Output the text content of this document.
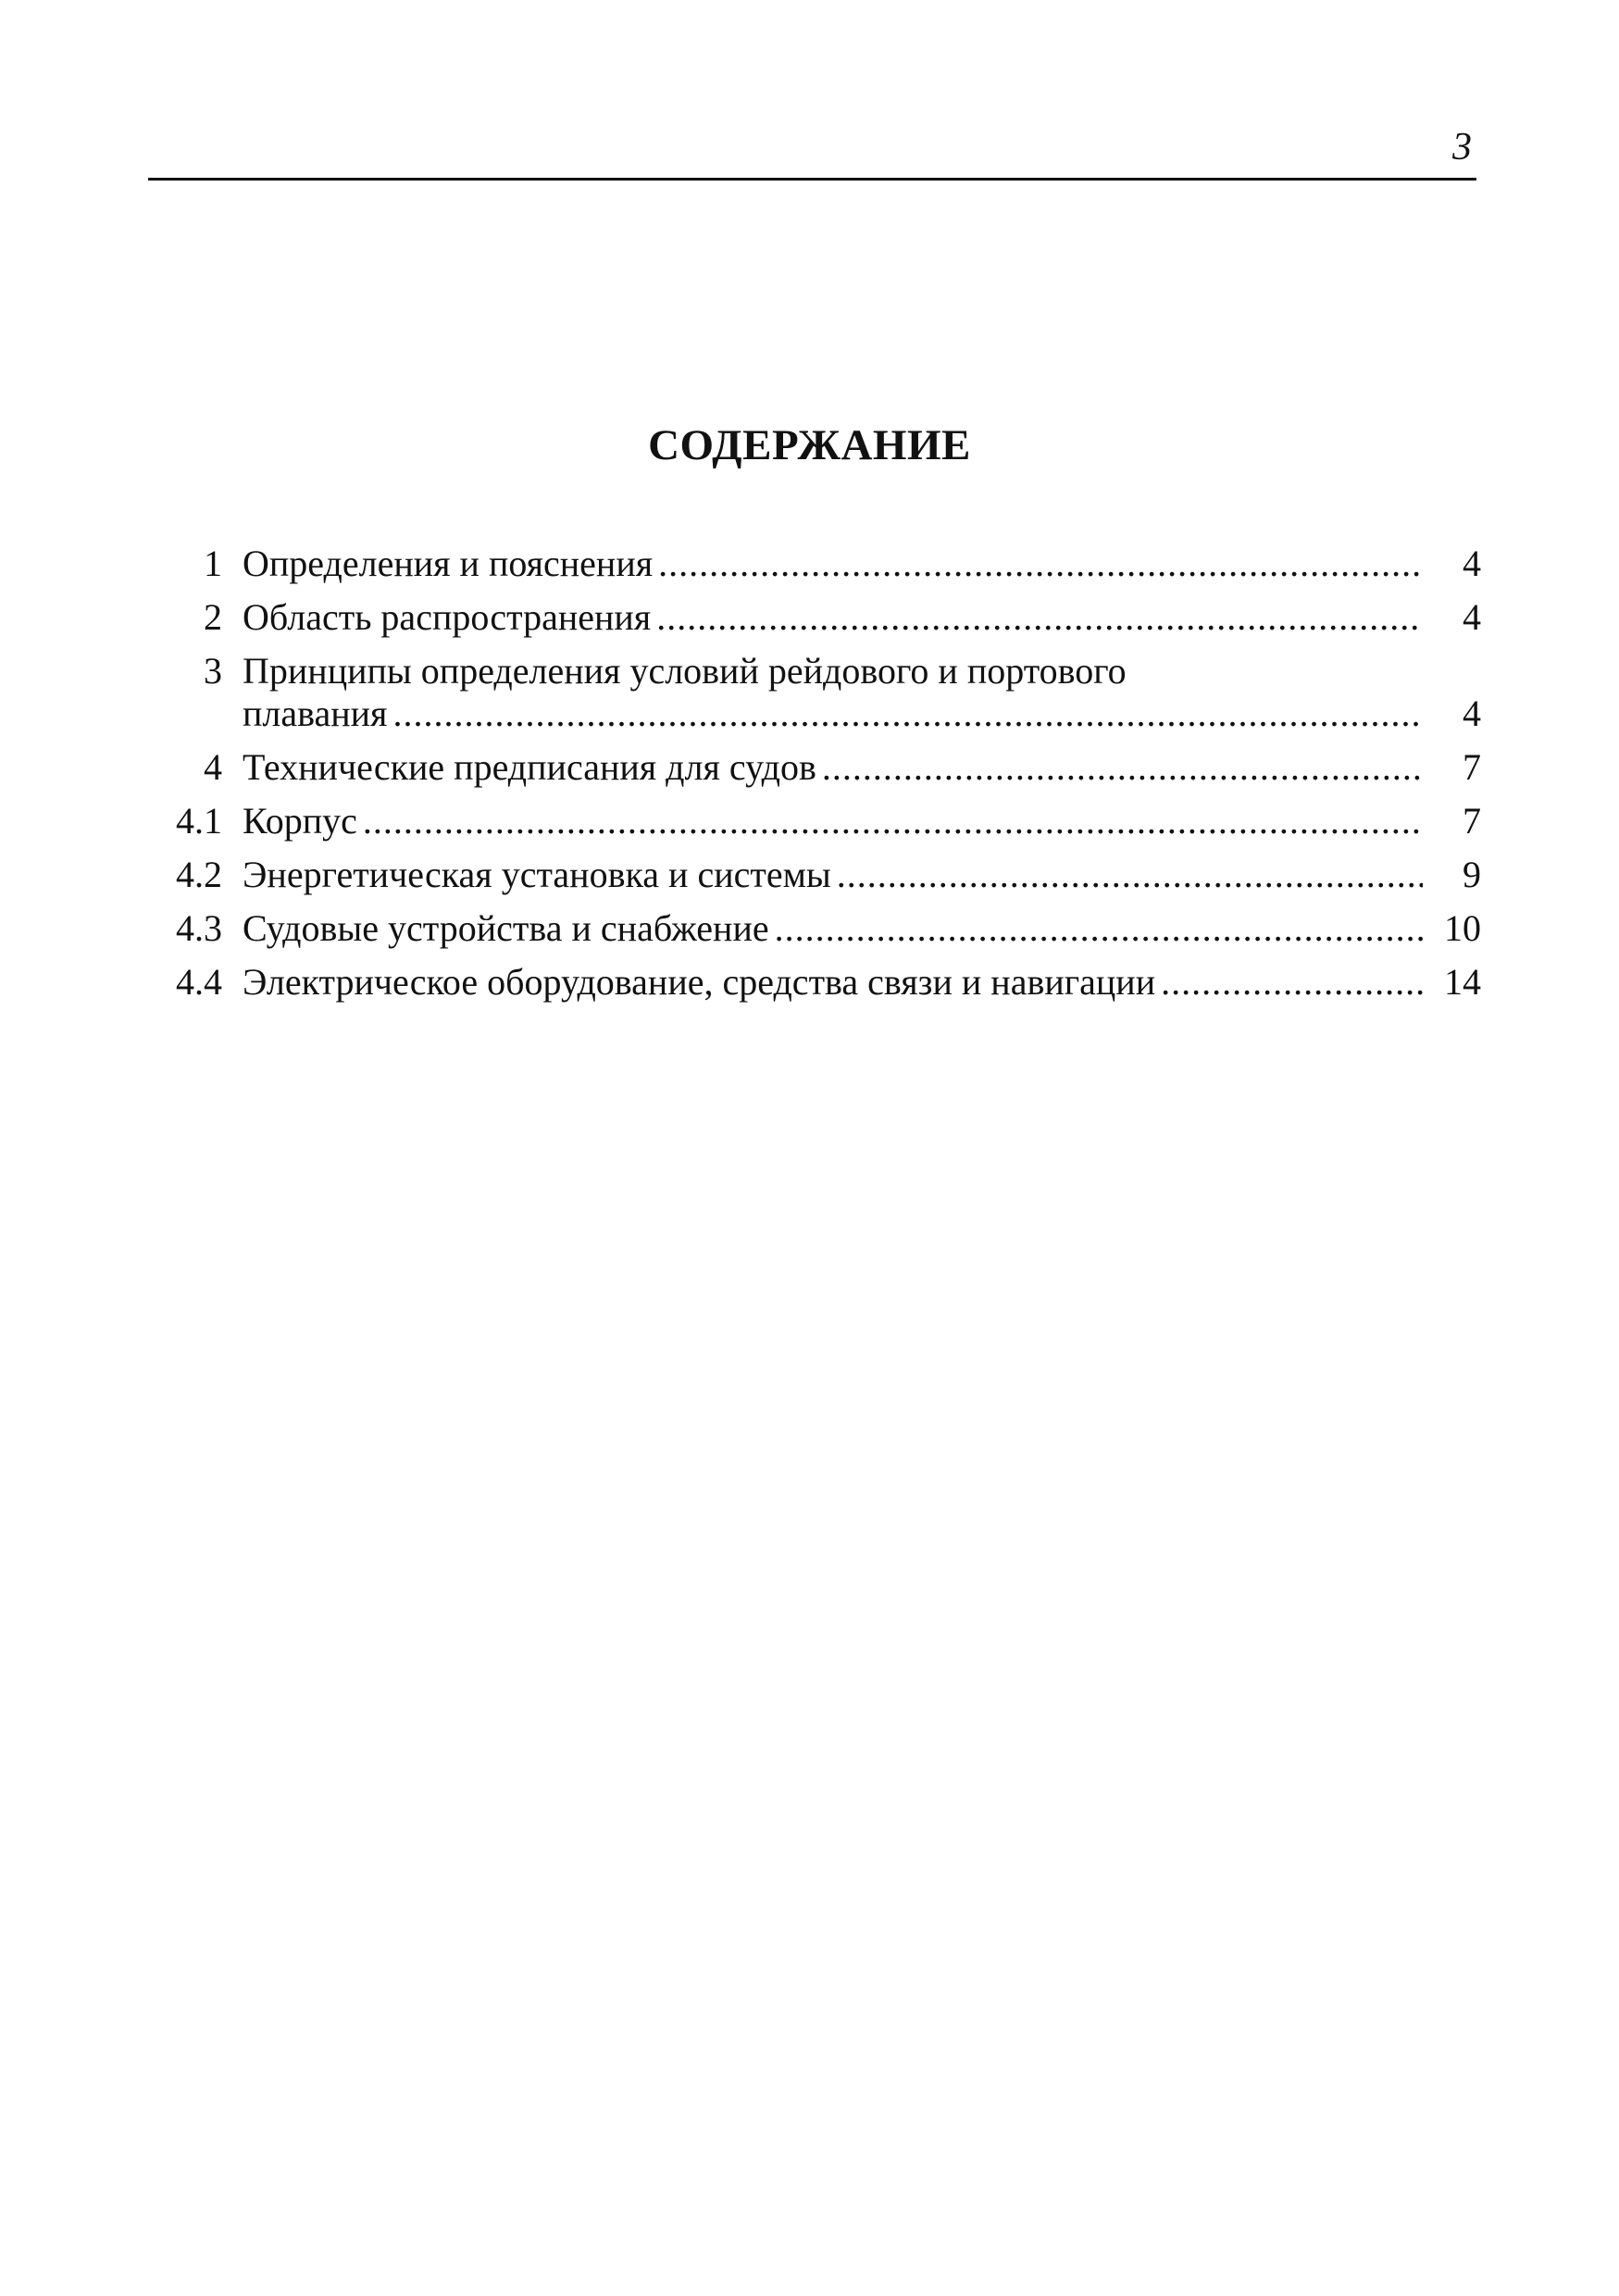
3
СОДЕРЖАНИЕ
1 Определения и пояснения .....	4
2 Область распространения .....	4
3 Принципы определения условий рейдового и портового
плавания .....	4
4 Технические предписания для судов .....	7
4.1 Корпус .....	7
4.2 Энергетическая установка и системы .....	9
4.3 Судовые устройства и снабжение .....	10
4.4 Электрическое оборудование, средства связи и навигации .....	14
